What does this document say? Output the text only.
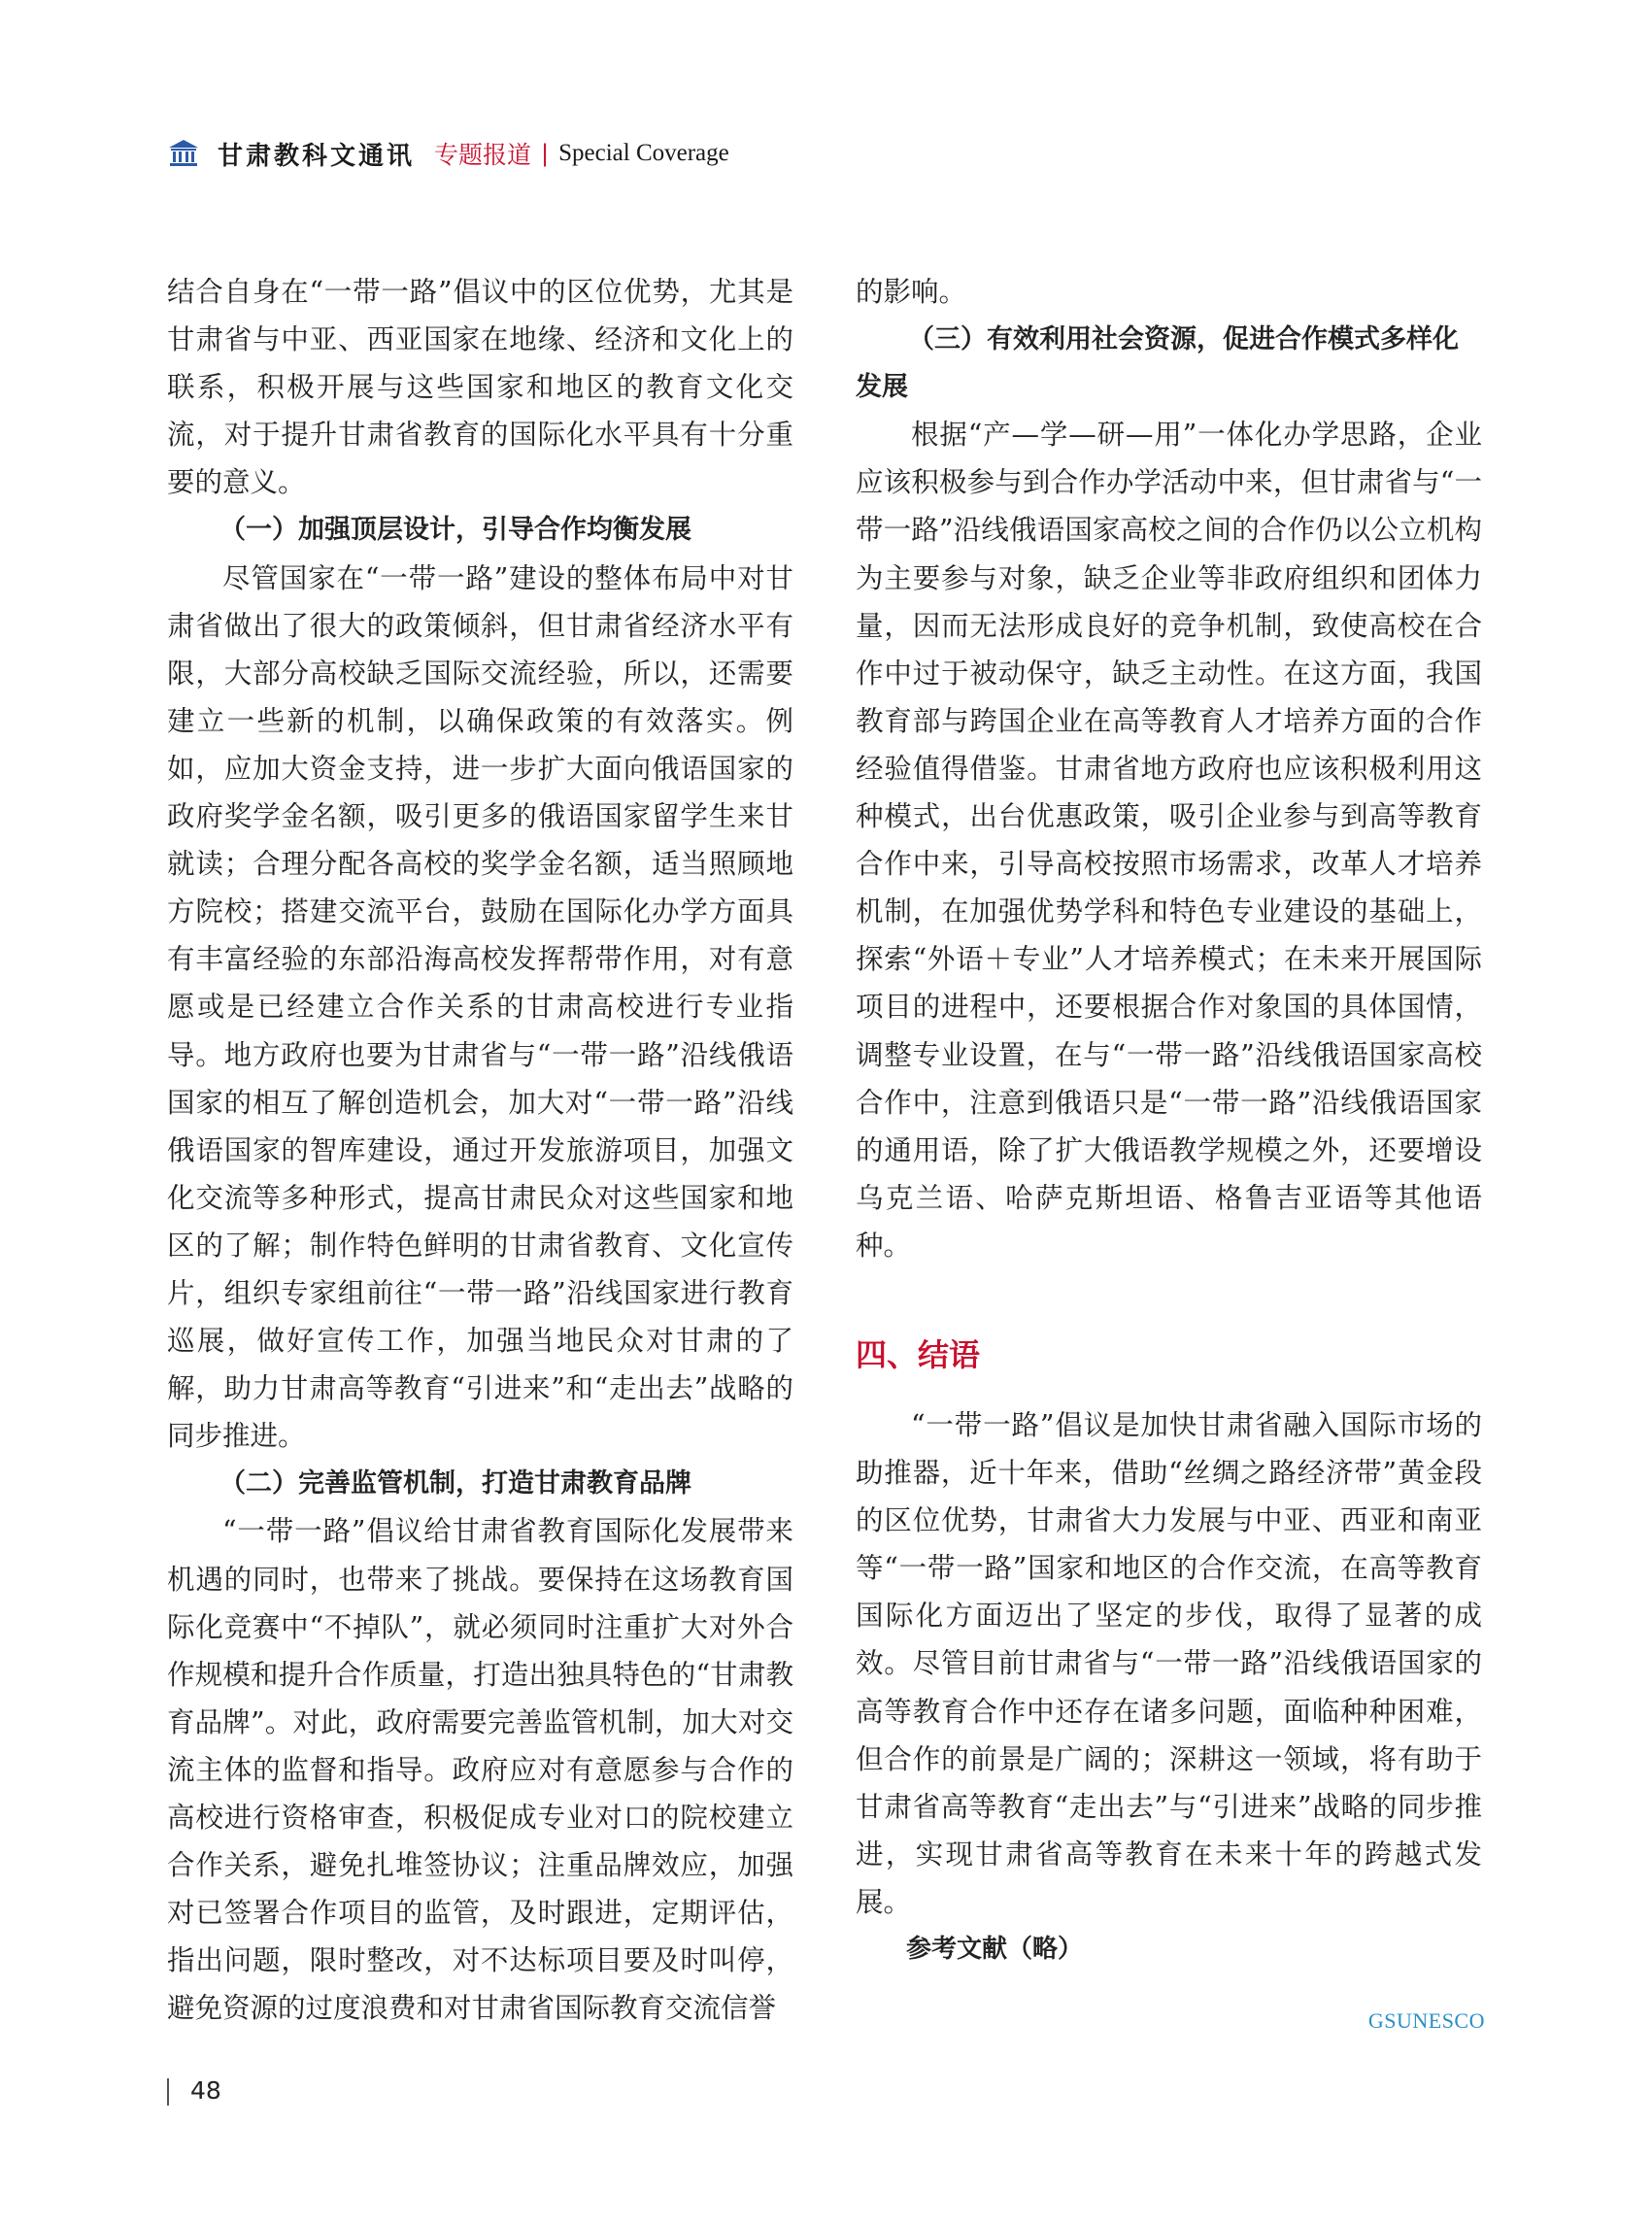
甘肃教科文通讯 专题报道 | Special Coverage

结合自身在“一带一路”倡议中的区位优势，尤其是甘肃省与中亚、西亚国家在地缘、经济和文化上的联系，积极开展与这些国家和地区的教育文化交流，对于提升甘肃省教育的国际化水平具有十分重要的意义。

（一）加强顶层设计，引导合作均衡发展

尽管国家在“一带一路”建设的整体布局中对甘肃省做出了很大的政策倾斜，但甘肃省经济水平有限，大部分高校缺乏国际交流经验，所以，还需要建立一些新的机制，以确保政策的有效落实。例如，应加大资金支持，进一步扩大面向俄语国家的政府奖学金名额，吸引更多的俄语国家留学生来甘就读；合理分配各高校的奖学金名额，适当照顾地方院校；搭建交流平台，鼓励在国际化办学方面具有丰富经验的东部沿海高校发挥帮带作用，对有意愿或是已经建立合作关系的甘肃高校进行专业指导。地方政府也要为甘肃省与“一带一路”沿线俄语国家的相互了解创造机会，加大对“一带一路”沿线俄语国家的智库建设，通过开发旅游项目，加强文化交流等多种形式，提高甘肃民众对这些国家和地区的了解；制作特色鲜明的甘肃省教育、文化宣传片，组织专家组前往“一带一路”沿线国家进行教育巡展，做好宣传工作，加强当地民众对甘肃的了解，助力甘肃高等教育“引进来”和“走出去”战略的同步推进。

（二）完善监管机制，打造甘肃教育品牌

“一带一路”倡议给甘肃省教育国际化发展带来机遇的同时，也带来了挑战。要保持在这场教育国际化竞赛中“不掉队”，就必须同时注重扩大对外合作规模和提升合作质量，打造出独具特色的“甘肃教育品牌”。对此，政府需要完善监管机制，加大对交流主体的监督和指导。政府应对有意愿参与合作的高校进行资格审查，积极促成专业对口的院校建立合作关系，避免扎堆签协议；注重品牌效应，加强对已签署合作项目的监管，及时跟进，定期评估，指出问题，限时整改，对不达标项目要及时叫停，避免资源的过度浪费和对甘肃省国际教育交流信誉

的影响。

（三）有效利用社会资源，促进合作模式多样化发展

根据“产—学—研—用”一体化办学思路，企业应该积极参与到合作办学活动中来，但甘肃省与“一带一路”沿线俄语国家高校之间的合作仍以公立机构为主要参与对象，缺乏企业等非政府组织和团体力量，因而无法形成良好的竞争机制，致使高校在合作中过于被动保守，缺乏主动性。在这方面，我国教育部与跨国企业在高等教育人才培养方面的合作经验值得借鉴。甘肃省地方政府也应该积极利用这种模式，出台优惠政策，吸引企业参与到高等教育合作中来，引导高校按照市场需求，改革人才培养机制，在加强优势学科和特色专业建设的基础上，探索“外语＋专业”人才培养模式；在未来开展国际项目的进程中，还要根据合作对象国的具体国情，调整专业设置，在与“一带一路”沿线俄语国家高校合作中，注意到俄语只是“一带一路”沿线俄语国家的通用语，除了扩大俄语教学规模之外，还要增设乌克兰语、哈萨克斯坦语、格鲁吉亚语等其他语种。

四、结语

“一带一路”倡议是加快甘肃省融入国际市场的助推器，近十年来，借助“丝绸之路经济带”黄金段的区位优势，甘肃省大力发展与中亚、西亚和南亚等“一带一路”国家和地区的合作交流，在高等教育国际化方面迈出了坚定的步伐，取得了显著的成效。尽管目前甘肃省与“一带一路”沿线俄语国家的高等教育合作中还存在诸多问题，面临种种困难，但合作的前景是广阔的；深耕这一领域，将有助于甘肃省高等教育“走出去”与“引进来”战略的同步推进，实现甘肃省高等教育在未来十年的跨越式发展。

参考文献（略）

GSUNESCO
48
